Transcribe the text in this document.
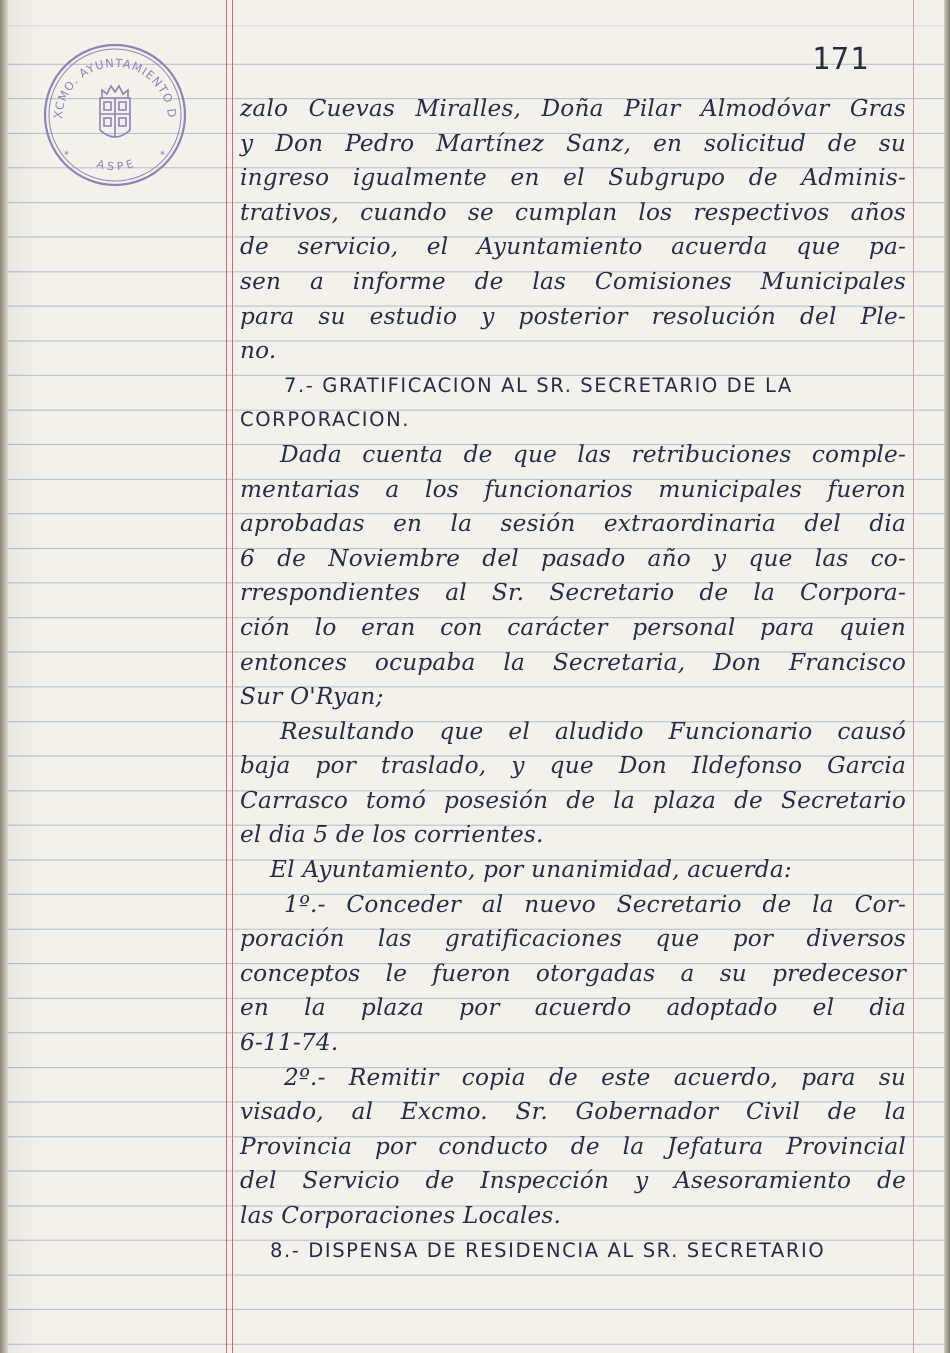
171
XCMO. AYUNTAMIENTO D
A S P E
*	*
zalo Cuevas Miralles, Doña Pilar Almodóvar Gras
y Don Pedro Martínez Sanz, en solicitud de su
ingreso igualmente en el Subgrupo de Adminis-
trativos, cuando se cumplan los respectivos años
de servicio, el Ayuntamiento acuerda que pa-
sen a informe de las Comisiones Municipales
para su estudio y posterior resolución del Ple-
no.
7.- GRATIFICACION AL SR. SECRETARIO DE LA
CORPORACION.
Dada cuenta de que las retribuciones comple-
mentarias a los funcionarios municipales fueron
aprobadas en la sesión extraordinaria del dia
6 de Noviembre del pasado año y que las co-
rrespondientes al Sr. Secretario de la Corpora-
ción lo eran con carácter personal para quien
entonces ocupaba la Secretaria, Don Francisco
Sur O'Ryan;
Resultando que el aludido Funcionario causó
baja por traslado, y que Don Ildefonso Garcia
Carrasco tomó posesión de la plaza de Secretario
el dia 5 de los corrientes.
El Ayuntamiento, por unanimidad, acuerda:
1º.- Conceder al nuevo Secretario de la Cor-
poración las gratificaciones que por diversos
conceptos le fueron otorgadas a su predecesor
en la plaza por acuerdo adoptado el dia
6-11-74.
2º.- Remitir copia de este acuerdo, para su
visado, al Excmo. Sr. Gobernador Civil de la
Provincia por conducto de la Jefatura Provincial
del Servicio de Inspección y Asesoramiento de
las Corporaciones Locales.
8.- DISPENSA DE RESIDENCIA AL SR. SECRETARIO
